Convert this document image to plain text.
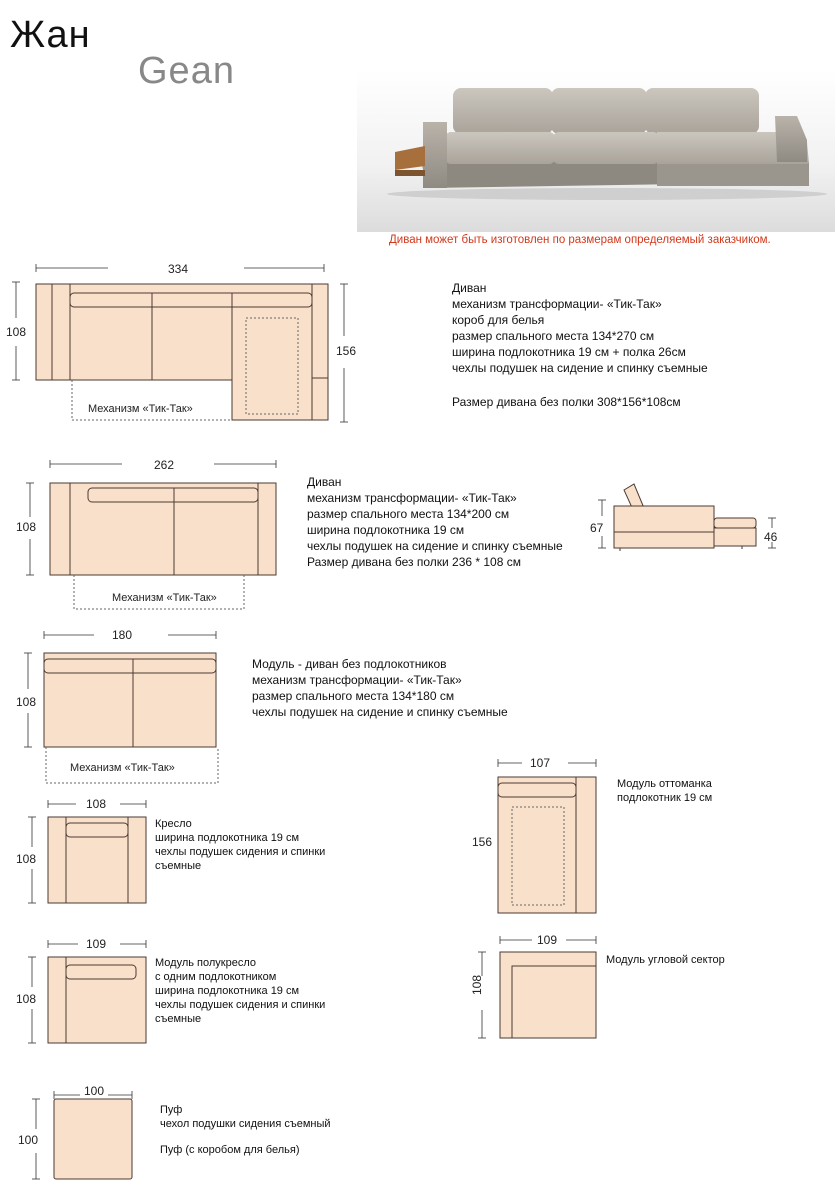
Жан
Gean
Диван может быть изготовлен по размерам определяемый заказчиком.
Механизм «Тик-Так»
334
108
156
Диван
механизм трансформации- «Тик-Так»
короб для белья
размер спального места 134*270 см
ширина подлокотника 19 см + полка 26см
чехлы подушек на сидение и спинку съемные
Размер дивана без полки 308*156*108см
Механизм «Тик-Так»
262
108
Диван
механизм трансформации- «Тик-Так»
размер спального места 134*200 см
ширина подлокотника 19 см
чехлы подушек на сидение и спинку съемные
Размер дивана без полки 236 * 108 см
67
46
Механизм «Тик-Так»
180
108
Модуль - диван без подлокотников
механизм трансформации- «Тик-Так»
размер спального места 134*180 см
чехлы подушек на сидение и спинку съемные
107
156
Модуль оттоманка
подлокотник 19 см
108
108
Кресло
ширина подлокотника 19 см
чехлы подушек сидения и спинки
съемные
109
108
Модуль полукресло
с одним подлокотником
ширина подлокотника 19 см
чехлы подушек сидения и спинки
съемные
109
108
Модуль угловой сектор
100
100
Пуф
чехол подушки сидения съемный
Пуф (с коробом для белья)
